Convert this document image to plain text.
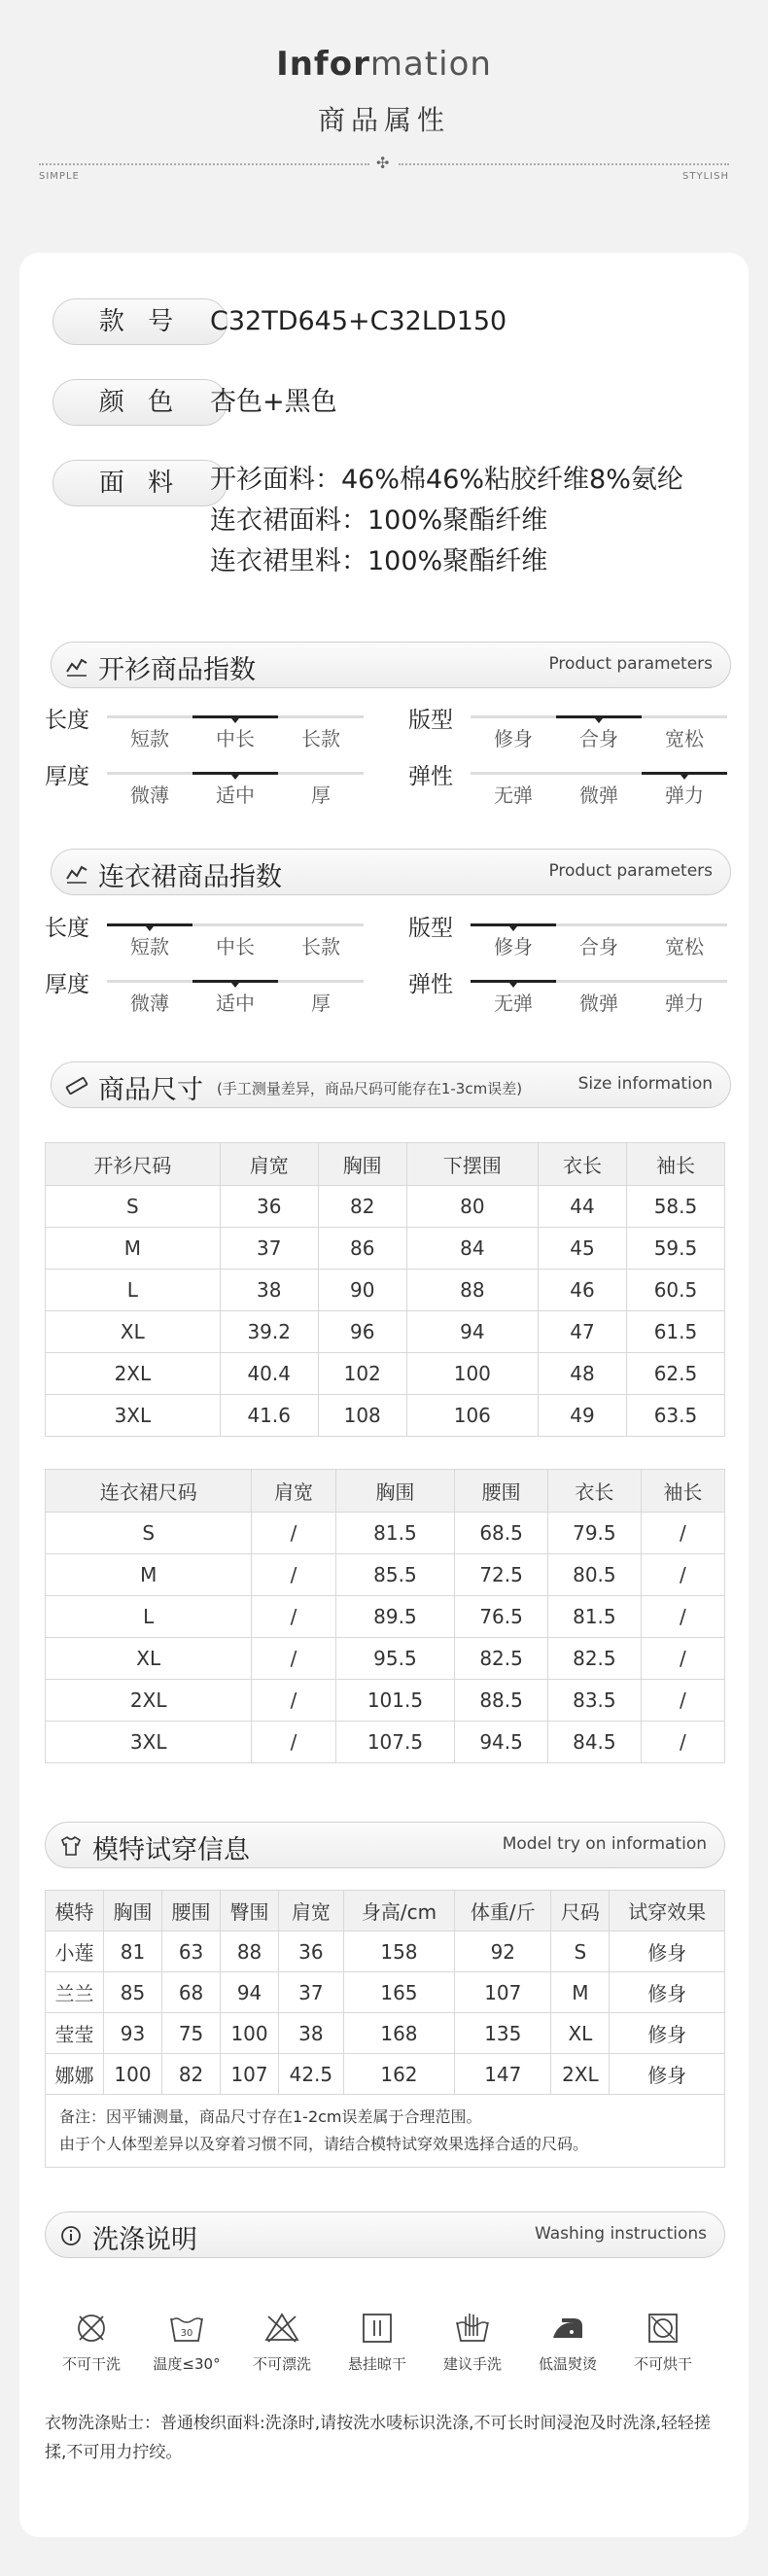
Information
商品属性
✣
SIMPLE	STYLISH
款 号	C32TD645+C32LD150
颜 色	杏色+黑色
面 料	开衫面料：46%棉46%粘胶纤维8%氨纶
连衣裙面料：100%聚酯纤维
连衣裙里料：100%聚酯纤维
开衫商品指数	Product parameters
连衣裙商品指数	Product parameters
商品尺寸 (手工测量差异，商品尺码可能存在1-3cm误差)	Size information
开衫尺码	肩宽	胸围	下摆围	衣长	袖长
S	36	82	80	44	58.5
M	37	86	84	45	59.5
L	38	90	88	46	60.5
XL	39.2	96	94	47	61.5
2XL	40.4	102	100	48	62.5
3XL	41.6	108	106	49	63.5
连衣裙尺码	肩宽	胸围	腰围	衣长	袖长
S	/	81.5	68.5	79.5	/
M	/	85.5	72.5	80.5	/
L	/	89.5	76.5	81.5	/
XL	/	95.5	82.5	82.5	/
2XL	/	101.5	88.5	83.5	/
3XL	/	107.5	94.5	84.5	/
模特试穿信息	Model try on information
模特	胸围	腰围	臀围	肩宽	身高/cm	体重/斤	尺码	试穿效果
小莲	81	63	88	36	158	92	S	修身
兰兰	85	68	94	37	165	107	M	修身
莹莹	93	75	100	38	168	135	XL	修身
娜娜	100	82	107	42.5	162	147	2XL	修身
备注：因平铺测量，商品尺寸存在1-2cm误差属于合理范围。
由于个人体型差异以及穿着习惯不同，请结合模特试穿效果选择合适的尺码。
洗涤说明	Washing instructions
长度
短款	中长	长款
版型
修身	合身	宽松
厚度
微薄	适中	厚
弹性
无弹	微弹	弹力
长度
短款	中长	长款
版型
修身	合身	宽松
厚度
微薄	适中	厚
弹性
无弹	微弹	弹力
不可干洗
30
温度≤30°	不可漂洗	悬挂晾干	建议手洗	低温熨烫	不可烘干
衣物洗涤贴士：普通梭织面料:洗涤时,请按洗水唛标识洗涤,不可长时间浸泡及时洗涤,轻轻搓揉,不可用力拧绞。
